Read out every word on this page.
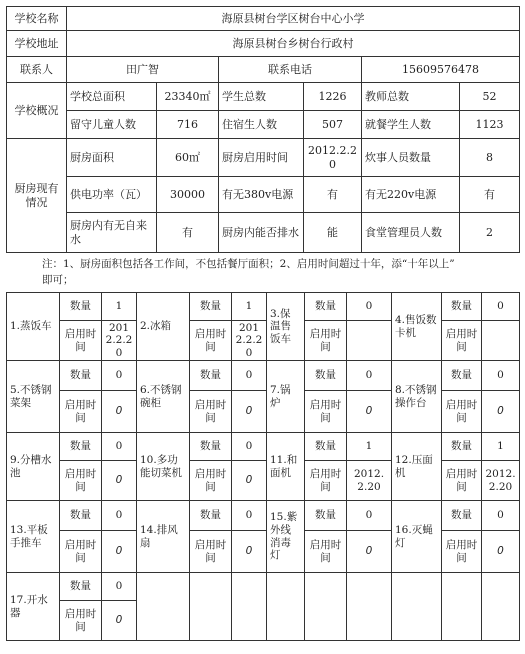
学校名称	海原县树台学区树台中心小学					
学校地址	海原县树台乡树台行政村					
联系人	田广智		联系电话		15609576478	
学校概况	学校总面积	23340㎡	学生总数	1226	教师总数	52
	留守儿童人数	716	住宿生人数	507	就餐学生人数	1123
厨房现有情况	厨房面积	60㎡	厨房启用时间	2012.2.20	炊事人员数量	8
	供电功率（瓦）	30000	有无380v电源	有	有无220v电源	有
	厨房内有无自来水	有	厨房内能否排水	能	食堂管理员人数	2
注：1、厨房面积包括各工作间，不包括餐厅面积；2、启用时间超过十年，添“十年以上”
即可；
1.蒸饭车	数量	1	2.冰箱	数量	1	3.保温售饭车	数量	0	4.售饭数卡机	数量	0
	启用时间	2012.2.20		启用时间	2012.2.20		启用时间			启用时间	
5.不锈钢菜架	数量	0	6.不锈钢碗柜	数量	0	7.锅炉	数量	0	8.不锈钢操作台	数量	0
	启用时间	0		启用时间	0		启用时间	0		启用时间	0
9.分槽水池	数量	0	10.多功能切菜机	数量	0	11.和面机	数量	1	12.压面机	数量	1
	启用时间	0		启用时间	0		启用时间	2012.2.20		启用时间	2012.2.20
13.平板手推车	数量	0	14.排风扇	数量	0	15.紫外线消毒灯	数量	0	16.灭蝇灯	数量	0
	启用时间	0		启用时间	0		启用时间	0		启用时间	0
17.开水器	数量	0									
	启用时间	0									
